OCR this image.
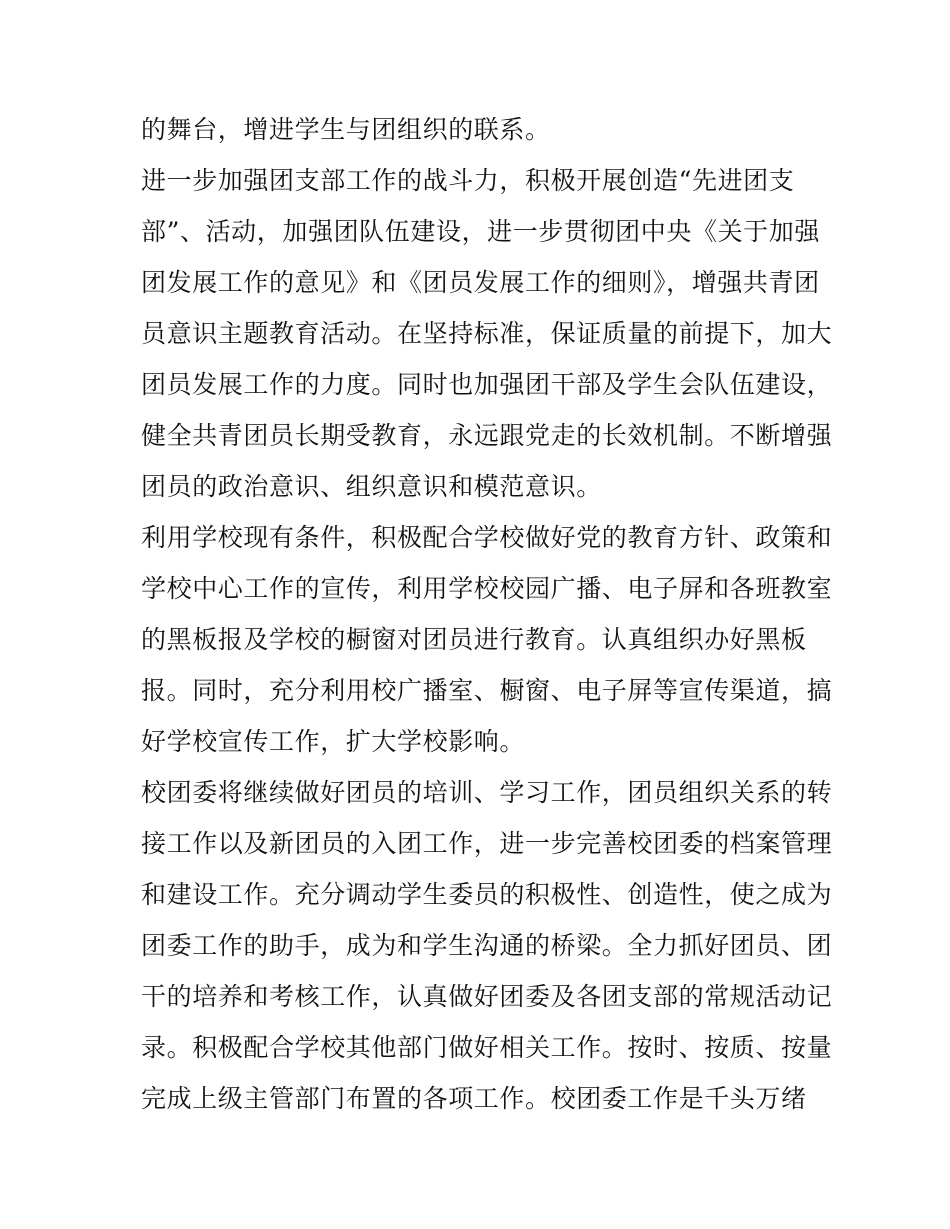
的舞台，增进学生与团组织的联系。
进一步加强团支部工作的战斗力，积极开展创造“先进团支
部”、活动，加强团队伍建设，进一步贯彻团中央《关于加强
团发展工作的意见》和《团员发展工作的细则》，增强共青团
员意识主题教育活动。在坚持标准，保证质量的前提下，加大
团员发展工作的力度。同时也加强团干部及学生会队伍建设，
健全共青团员长期受教育，永远跟党走的长效机制。不断增强
团员的政治意识、组织意识和模范意识。
利用学校现有条件，积极配合学校做好党的教育方针、政策和
学校中心工作的宣传，利用学校校园广播、电子屏和各班教室
的黑板报及学校的橱窗对团员进行教育。认真组织办好黑板
报。同时，充分利用校广播室、橱窗、电子屏等宣传渠道，搞
好学校宣传工作，扩大学校影响。
校团委将继续做好团员的培训、学习工作，团员组织关系的转
接工作以及新团员的入团工作，进一步完善校团委的档案管理
和建设工作。充分调动学生委员的积极性、创造性，使之成为
团委工作的助手，成为和学生沟通的桥梁。全力抓好团员、团
干的培养和考核工作，认真做好团委及各团支部的常规活动记
录。积极配合学校其他部门做好相关工作。按时、按质、按量
完成上级主管部门布置的各项工作。校团委工作是千头万绪
